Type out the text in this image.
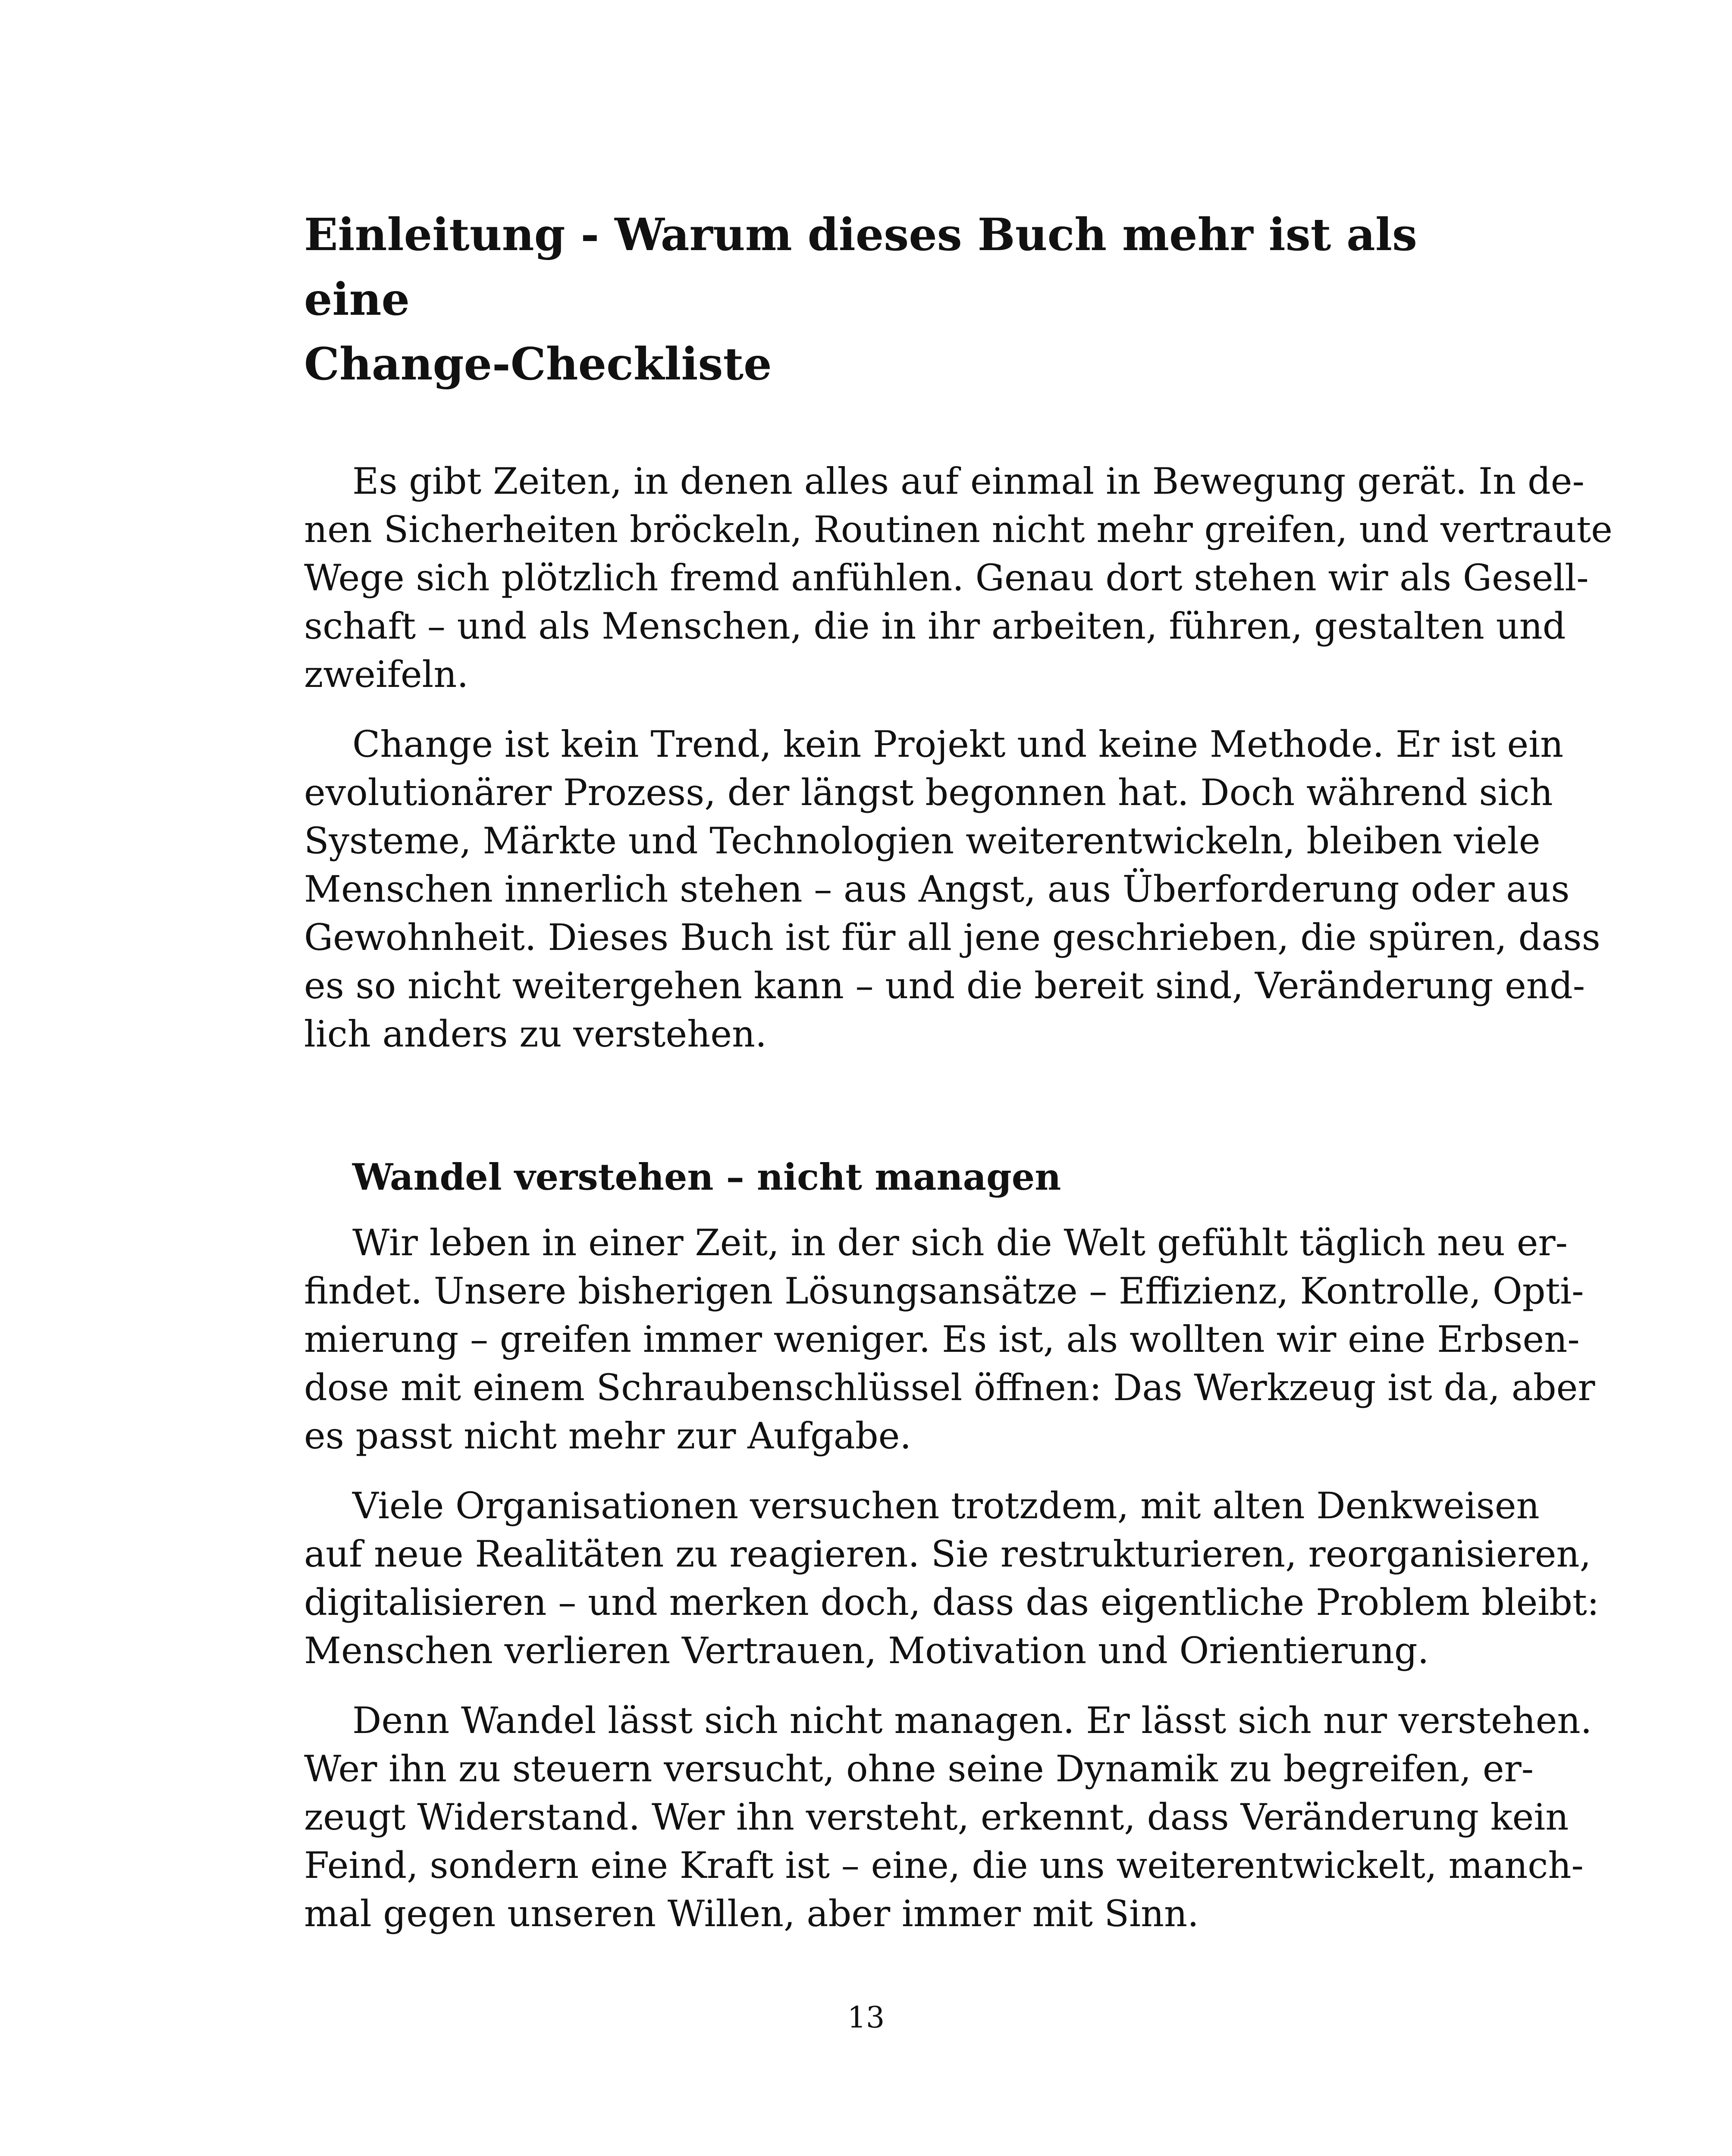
Einleitung - Warum dieses Buch mehr ist als eine
Change-Checkliste

Es gibt Zeiten, in denen alles auf einmal in Bewegung gerät. In de-
nen Sicherheiten bröckeln, Routinen nicht mehr greifen, und vertraute
Wege sich plötzlich fremd anfühlen. Genau dort stehen wir als Gesell-
schaft – und als Menschen, die in ihr arbeiten, führen, gestalten und
zweifeln.

Change ist kein Trend, kein Projekt und keine Methode. Er ist ein
evolutionärer Prozess, der längst begonnen hat. Doch während sich
Systeme, Märkte und Technologien weiterentwickeln, bleiben viele
Menschen innerlich stehen – aus Angst, aus Überforderung oder aus
Gewohnheit. Dieses Buch ist für all jene geschrieben, die spüren, dass
es so nicht weitergehen kann – und die bereit sind, Veränderung end-
lich anders zu verstehen.

Wandel verstehen – nicht managen

Wir leben in einer Zeit, in der sich die Welt gefühlt täglich neu er-
findet. Unsere bisherigen Lösungsansätze – Effizienz, Kontrolle, Opti-
mierung – greifen immer weniger. Es ist, als wollten wir eine Erbsen-
dose mit einem Schraubenschlüssel öffnen: Das Werkzeug ist da, aber
es passt nicht mehr zur Aufgabe.

Viele Organisationen versuchen trotzdem, mit alten Denkweisen
auf neue Realitäten zu reagieren. Sie restrukturieren, reorganisieren,
digitalisieren – und merken doch, dass das eigentliche Problem bleibt:
Menschen verlieren Vertrauen, Motivation und Orientierung.

Denn Wandel lässt sich nicht managen. Er lässt sich nur verstehen.
Wer ihn zu steuern versucht, ohne seine Dynamik zu begreifen, er-
zeugt Widerstand. Wer ihn versteht, erkennt, dass Veränderung kein
Feind, sondern eine Kraft ist – eine, die uns weiterentwickelt, manch-
mal gegen unseren Willen, aber immer mit Sinn.

13
